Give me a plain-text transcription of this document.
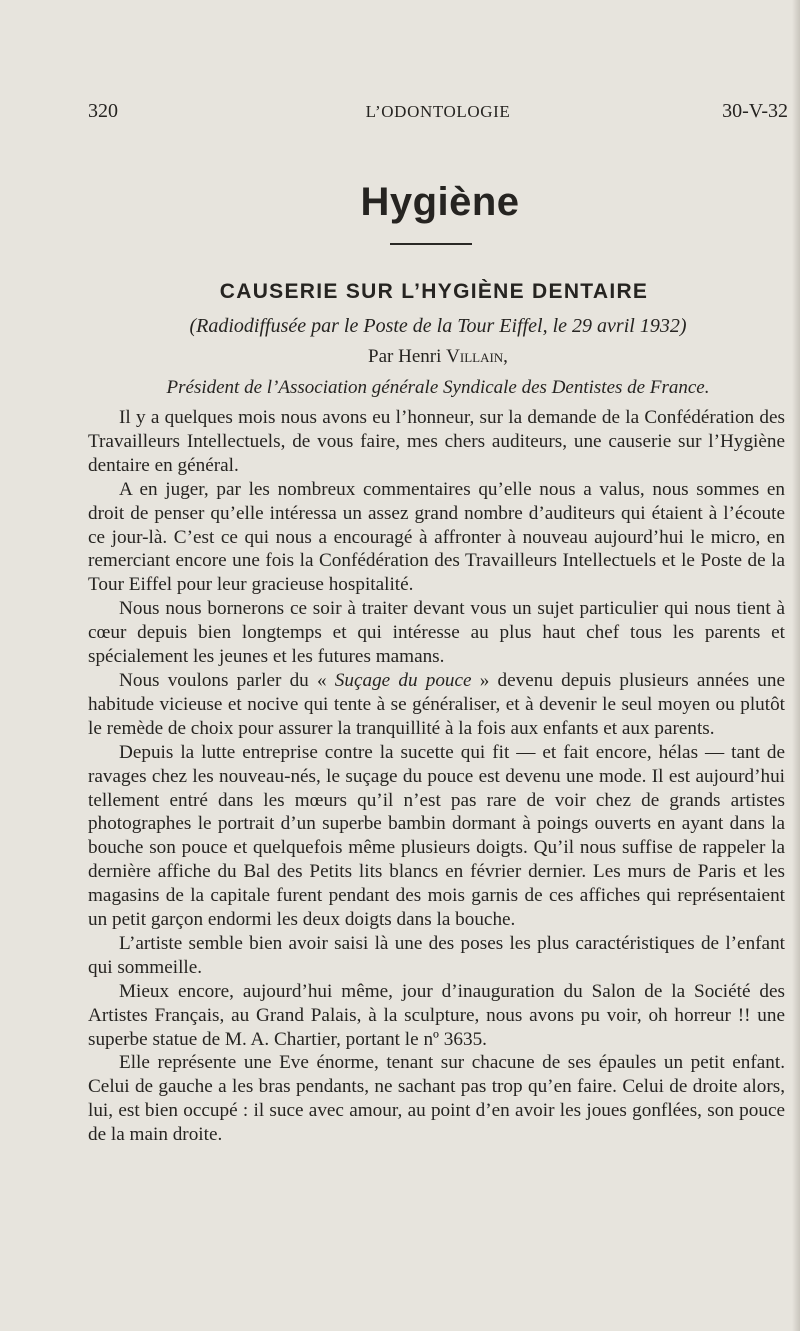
320	L’ODONTOLOGIE	30-V-32
Hygiène
CAUSERIE SUR L’HYGIÈNE DENTAIRE
(Radiodiffusée par le Poste de la Tour Eiffel, le 29 avril 1932)
Par Henri Villain,
Président de l’Association générale Syndicale des Dentistes de France.

Il y a quelques mois nous avons eu l’honneur, sur la demande de la Confédération des Travailleurs Intellectuels, de vous faire, mes chers auditeurs, une causerie sur l’Hygiène dentaire en général.

A en juger, par les nombreux commentaires qu’elle nous a valus, nous sommes en droit de penser qu’elle intéressa un assez grand nombre d’auditeurs qui étaient à l’écoute ce jour-là. C’est ce qui nous a encouragé à affronter à nouveau aujourd’hui le micro, en remerciant encore une fois la Confédération des Travailleurs Intellectuels et le Poste de la Tour Eiffel pour leur gracieuse hospitalité.

Nous nous bornerons ce soir à traiter devant vous un sujet particulier qui nous tient à cœur depuis bien longtemps et qui intéresse au plus haut chef tous les parents et spécialement les jeunes et les futures mamans.

Nous voulons parler du « Suçage du pouce » devenu depuis plusieurs années une habitude vicieuse et nocive qui tente à se généraliser, et à devenir le seul moyen ou plutôt le remède de choix pour assurer la tranquillité à la fois aux enfants et aux parents.

Depuis la lutte entreprise contre la sucette qui fit — et fait encore, hélas — tant de ravages chez les nouveau-nés, le suçage du pouce est devenu une mode. Il est aujourd’hui tellement entré dans les mœurs qu’il n’est pas rare de voir chez de grands artistes photographes le portrait d’un superbe bambin dormant à poings ouverts en ayant dans la bouche son pouce et quelquefois même plusieurs doigts. Qu’il nous suffise de rappeler la dernière affiche du Bal des Petits lits blancs en février dernier. Les murs de Paris et les magasins de la capitale furent pendant des mois garnis de ces affiches qui représentaient un petit garçon endormi les deux doigts dans la bouche.

L’artiste semble bien avoir saisi là une des poses les plus caractéristiques de l’enfant qui sommeille.

Mieux encore, aujourd’hui même, jour d’inauguration du Salon de la Société des Artistes Français, au Grand Palais, à la sculpture, nous avons pu voir, oh horreur !! une superbe statue de M. A. Chartier, portant le nº 3635.

Elle représente une Eve énorme, tenant sur chacune de ses épaules un petit enfant. Celui de gauche a les bras pendants, ne sachant pas trop qu’en faire. Celui de droite alors, lui, est bien occupé : il suce avec amour, au point d’en avoir les joues gonflées, son pouce de la main droite.
